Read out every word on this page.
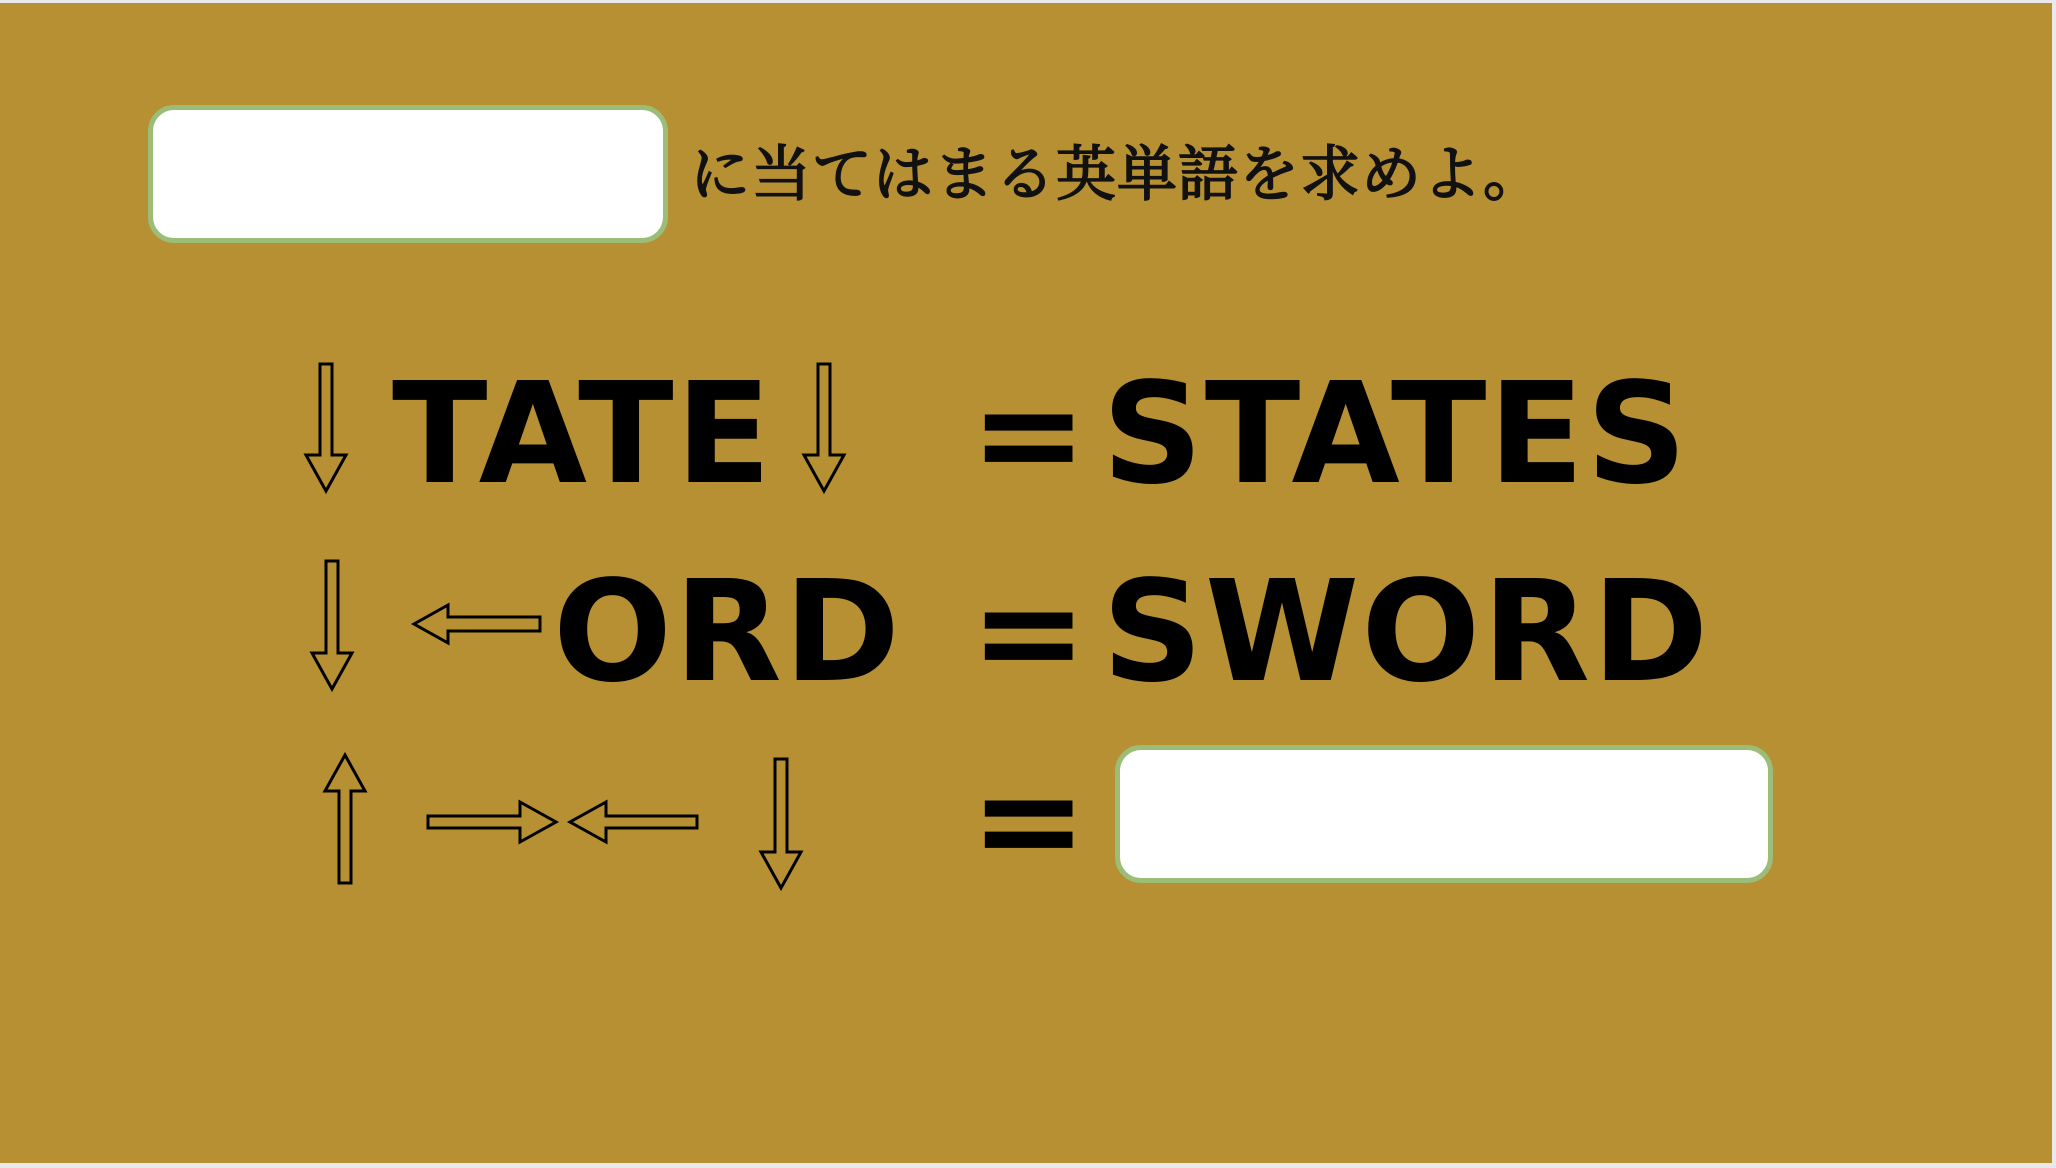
に当てはまる英単語を求めよ。
TATE = STATES
ORD = SWORD
=
